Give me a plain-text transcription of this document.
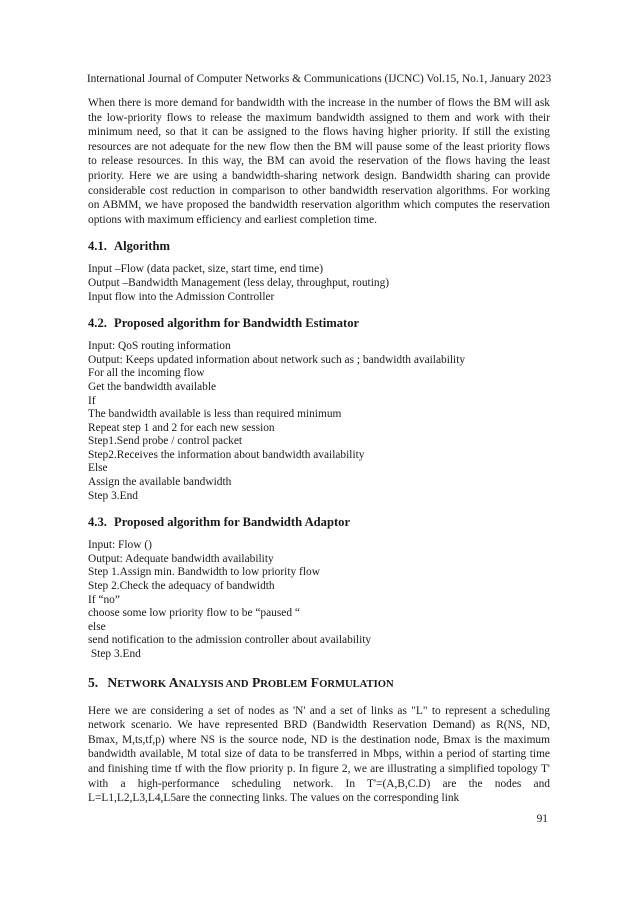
International Journal of Computer Networks & Communications (IJCNC) Vol.15, No.1, January 2023

When there is more demand for bandwidth with the increase in the number of flows the BM will ask the low-priority flows to release the maximum bandwidth assigned to them and work with their minimum need, so that it can be assigned to the flows having higher priority. If still the existing resources are not adequate for the new flow then the BM will pause some of the least priority flows to release resources. In this way, the BM can avoid the reservation of the flows having the least priority. Here we are using a bandwidth-sharing network design. Bandwidth sharing can provide considerable cost reduction in comparison to other bandwidth reservation algorithms. For working on ABMM, we have proposed the bandwidth reservation algorithm which computes the reservation options with maximum efficiency and earliest completion time.

4.1. Algorithm
Input –Flow (data packet, size, start time, end time)
Output –Bandwidth Management (less delay, throughput, routing)
Input flow into the Admission Controller
4.2. Proposed algorithm for Bandwidth Estimator
Input: QoS routing information
Output: Keeps updated information about network such as ; bandwidth availability
For all the incoming flow
Get the bandwidth available
If
The bandwidth available is less than required minimum
Repeat step 1 and 2 for each new session
Step1.Send probe / control packet
Step2.Receives the information about bandwidth availability
Else
Assign the available bandwidth
Step 3.End
4.3. Proposed algorithm for Bandwidth Adaptor
Input: Flow ()
Output: Adequate bandwidth availability
Step 1.Assign min. Bandwidth to low priority flow
Step 2.Check the adequacy of bandwidth
If “no”
choose some low priority flow to be “paused “
else
send notification to the admission controller about availability
Step 3.End
5. NETWORK ANALYSIS AND PROBLEM FORMULATION

Here we are considering a set of nodes as 'N' and a set of links as "L" to represent a scheduling network scenario. We have represented BRD (Bandwidth Reservation Demand) as R(NS, ND, Bmax, M,ts,tf,p) where NS is the source node, ND is the destination node, Bmax is the maximum bandwidth available, M total size of data to be transferred in Mbps, within a period of starting time and finishing time tf with the flow priority p. In figure 2, we are illustrating a simplified topology T' with a high-performance scheduling network. In T'=(A,B,C.D) are the nodes and L=L1,L2,L3,L4,L5are the connecting links. The values on the corresponding link

91
